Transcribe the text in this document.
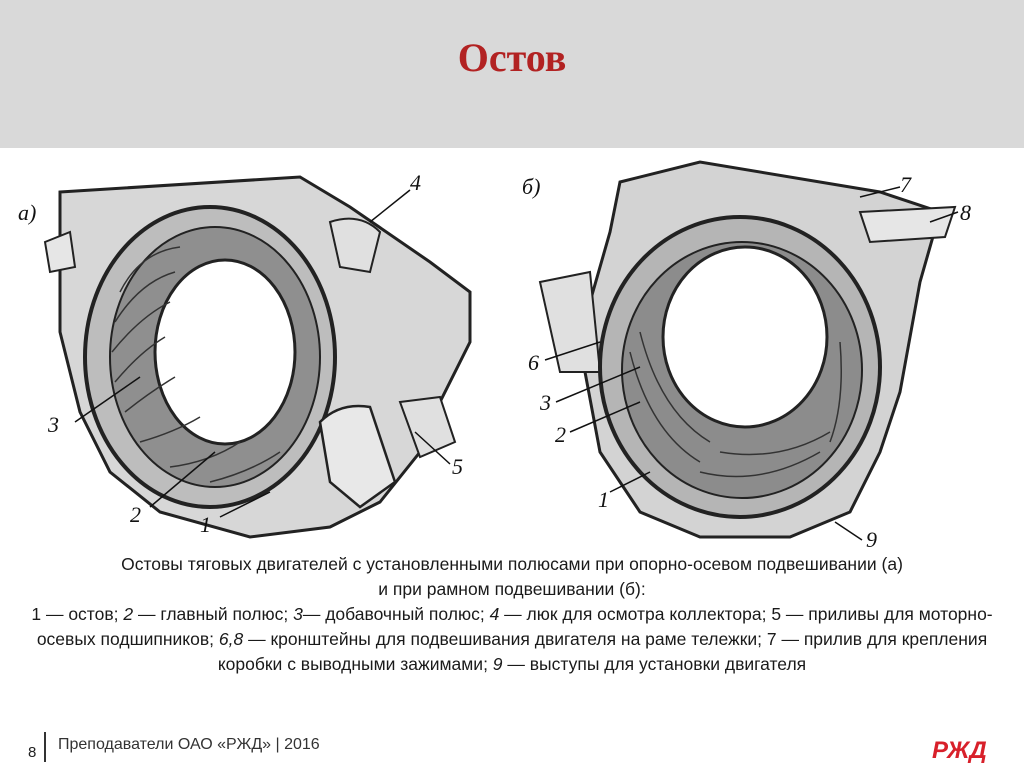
Остов
а)
б)
1
2
3
4
5
1
2
3
6
7
8
9

Остовы тяговых двигателей с установленными полюсами при опорно-осевом подвешивании (а)

и при рамном подвешивании (б):

1 — остов; 2 — главный полюс; 3— добавочный полюс; 4 — люк для осмотра коллектора; 5 — приливы для моторно-осевых подшипников; 6,8 — кронштейны для подвешивания двигателя на раме тележки; 7 — прилив для крепления коробки с выводными зажимами; 9 — выступы для установки двигателя

8 Преподаватели ОАО «РЖД» | 2016	РЖД
